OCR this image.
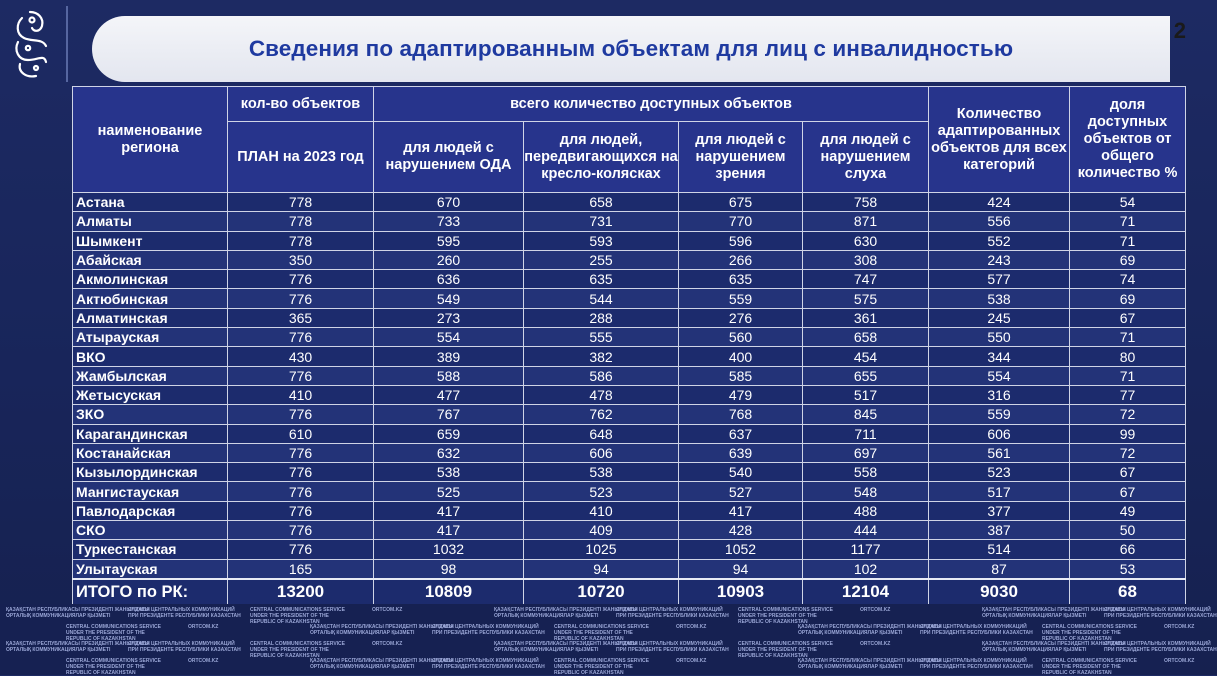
Сведения по адаптированным объектам для лиц с инвалидностью
2
наименование региона	кол-во объектов	всего количество доступных объектов				Количество адаптированных объектов для всех категорий	доля доступных объектов от общего количество %
	ПЛАН на 2023 год	для людей с нарушением ОДА	для людей, передвигающихся на кресло-колясках	для людей с нарушением зрения	для людей с нарушением слуха		
Астана	778	670	658	675	758	424	54
Алматы	778	733	731	770	871	556	71
Шымкент	778	595	593	596	630	552	71
Абайская	350	260	255	266	308	243	69
Акмолинская	776	636	635	635	747	577	74
Актюбинская	776	549	544	559	575	538	69
Алматинская	365	273	288	276	361	245	67
Атырауская	776	554	555	560	658	550	71
ВКО	430	389	382	400	454	344	80
Жамбылская	776	588	586	585	655	554	71
Жетысуская	410	477	478	479	517	316	77
ЗКО	776	767	762	768	845	559	72
Карагандинская	610	659	648	637	711	606	99
Костанайская	776	632	606	639	697	561	72
Кызылординская	776	538	538	540	558	523	67
Мангистауская	776	525	523	527	548	517	67
Павлодарская	776	417	410	417	488	377	49
СКО	776	417	409	428	444	387	50
Туркестанская	776	1032	1025	1052	1177	514	66
Улытауская	165	98	94	94	102	87	53
ИТОГО по РК:	13200	10809	10720	10903	12104	9030	68
ҚАЗАҚСТАН РЕСПУБЛИКАСЫ ПРЕЗИДЕНТІ ЖАНЫНДАҒЫ
ОРТАЛЫҚ КОММУНИКАЦИЯЛАР ҚЫЗМЕТІ
СЛУЖБА ЦЕНТРАЛЬНЫХ КОММУНИКАЦИЙ
ПРИ ПРЕЗИДЕНТЕ РЕСПУБЛИКИ КАЗАХСТАН
CENTRAL COMMUNICATIONS SERVICE
UNDER THE PRESIDENT OF THE
REPUBLIC OF KAZAKHSTAN
ORTCOM.KZ	ҚАЗАҚСТАН РЕСПУБЛИКАСЫ ПРЕЗИДЕНТІ ЖАНЫНДАҒЫ
ОРТАЛЫҚ КОММУНИКАЦИЯЛАР ҚЫЗМЕТІ
СЛУЖБА ЦЕНТРАЛЬНЫХ КОММУНИКАЦИЙ
ПРИ ПРЕЗИДЕНТЕ РЕСПУБЛИКИ КАЗАХСТАН
CENTRAL COMMUNICATIONS SERVICE
UNDER THE PRESIDENT OF THE
REPUBLIC OF KAZAKHSTAN
ORTCOM.KZ	ҚАЗАҚСТАН РЕСПУБЛИКАСЫ ПРЕЗИДЕНТІ ЖАНЫНДАҒЫ
ОРТАЛЫҚ КОММУНИКАЦИЯЛАР ҚЫЗМЕТІ
СЛУЖБА ЦЕНТРАЛЬНЫХ КОММУНИКАЦИЙ
ПРИ ПРЕЗИДЕНТЕ РЕСПУБЛИКИ КАЗАХСТАН
CENTRAL COMMUNICATIONS SERVICE
UNDER THE PRESIDENT OF THE
REPUBLIC OF KAZAKHSTAN
ORTCOM.KZ	ҚАЗАҚСТАН РЕСПУБЛИКАСЫ ПРЕЗИДЕНТІ ЖАНЫНДАҒЫ
ОРТАЛЫҚ КОММУНИКАЦИЯЛАР ҚЫЗМЕТІ
СЛУЖБА ЦЕНТРАЛЬНЫХ КОММУНИКАЦИЙ
ПРИ ПРЕЗИДЕНТЕ РЕСПУБЛИКИ КАЗАХСТАН
CENTRAL COMMUNICATIONS SERVICE
UNDER THE PRESIDENT OF THE
REPUBLIC OF KAZAKHSTAN
ORTCOM.KZ	ҚАЗАҚСТАН РЕСПУБЛИКАСЫ ПРЕЗИДЕНТІ ЖАНЫНДАҒЫ
ОРТАЛЫҚ КОММУНИКАЦИЯЛАР ҚЫЗМЕТІ
СЛУЖБА ЦЕНТРАЛЬНЫХ КОММУНИКАЦИЙ
ПРИ ПРЕЗИДЕНТЕ РЕСПУБЛИКИ КАЗАХСТАН
CENTRAL COMMUNICATIONS SERVICE
UNDER THE PRESIDENT OF THE
REPUBLIC OF KAZAKHSTAN
ORTCOM.KZ
ҚАЗАҚСТАН РЕСПУБЛИКАСЫ ПРЕЗИДЕНТІ ЖАНЫНДАҒЫ
ОРТАЛЫҚ КОММУНИКАЦИЯЛАР ҚЫЗМЕТІ
СЛУЖБА ЦЕНТРАЛЬНЫХ КОММУНИКАЦИЙ
ПРИ ПРЕЗИДЕНТЕ РЕСПУБЛИКИ КАЗАХСТАН
CENTRAL COMMUNICATIONS SERVICE
UNDER THE PRESIDENT OF THE
REPUBLIC OF KAZAKHSTAN
ORTCOM.KZ	ҚАЗАҚСТАН РЕСПУБЛИКАСЫ ПРЕЗИДЕНТІ ЖАНЫНДАҒЫ
ОРТАЛЫҚ КОММУНИКАЦИЯЛАР ҚЫЗМЕТІ
СЛУЖБА ЦЕНТРАЛЬНЫХ КОММУНИКАЦИЙ
ПРИ ПРЕЗИДЕНТЕ РЕСПУБЛИКИ КАЗАХСТАН
CENTRAL COMMUNICATIONS SERVICE
UNDER THE PRESIDENT OF THE
REPUBLIC OF KAZAKHSTAN
ORTCOM.KZ	ҚАЗАҚСТАН РЕСПУБЛИКАСЫ ПРЕЗИДЕНТІ ЖАНЫНДАҒЫ
ОРТАЛЫҚ КОММУНИКАЦИЯЛАР ҚЫЗМЕТІ
СЛУЖБА ЦЕНТРАЛЬНЫХ КОММУНИКАЦИЙ
ПРИ ПРЕЗИДЕНТЕ РЕСПУБЛИКИ КАЗАХСТАН
CENTRAL COMMUNICATIONS SERVICE
UNDER THE PRESIDENT OF THE
REPUBLIC OF KAZAKHSTAN
ORTCOM.KZ	ҚАЗАҚСТАН РЕСПУБЛИКАСЫ ПРЕЗИДЕНТІ ЖАНЫНДАҒЫ
ОРТАЛЫҚ КОММУНИКАЦИЯЛАР ҚЫЗМЕТІ
СЛУЖБА ЦЕНТРАЛЬНЫХ КОММУНИКАЦИЙ
ПРИ ПРЕЗИДЕНТЕ РЕСПУБЛИКИ КАЗАХСТАН
CENTRAL COMMUNICATIONS SERVICE
UNDER THE PRESIDENT OF THE
REPUBLIC OF KAZAKHSTAN
ORTCOM.KZ	ҚАЗАҚСТАН РЕСПУБЛИКАСЫ ПРЕЗИДЕНТІ ЖАНЫНДАҒЫ
ОРТАЛЫҚ КОММУНИКАЦИЯЛАР ҚЫЗМЕТІ
СЛУЖБА ЦЕНТРАЛЬНЫХ КОММУНИКАЦИЙ
ПРИ ПРЕЗИДЕНТЕ РЕСПУБЛИКИ КАЗАХСТАН
CENTRAL COMMUNICATIONS SERVICE
UNDER THE PRESIDENT OF THE
REPUBLIC OF KAZAKHSTAN
ORTCOM.KZ
